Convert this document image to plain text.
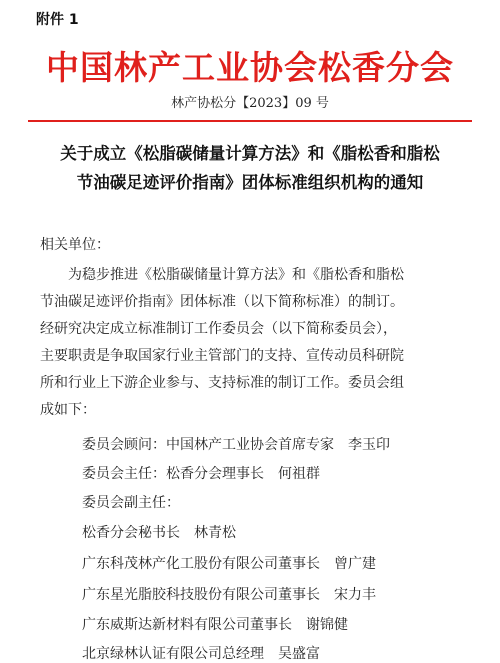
附件 1
中国林产工业协会松香分会
林产协松分【2023】09 号
关于成立《松脂碳储量计算方法》和《脂松香和脂松
节油碳足迹评价指南》团体标准组织机构的通知
相关单位：
为稳步推进《松脂碳储量计算方法》和《脂松香和脂松
节油碳足迹评价指南》团体标准（以下简称标准）的制订。
经研究决定成立标准制订工作委员会（以下简称委员会），
主要职责是争取国家行业主管部门的支持、宣传动员科研院
所和行业上下游企业参与、支持标准的制订工作。委员会组
成如下：
委员会顾问：中国林产工业协会首席专家　李玉印
委员会主任：松香分会理事长　何祖群
委员会副主任：
松香分会秘书长　林青松
广东科茂林产化工股份有限公司董事长　曾广建
广东星光脂胶科技股份有限公司董事长　宋力丰
广东威斯达新材料有限公司董事长　谢锦健
北京绿林认证有限公司总经理　吴盛富
